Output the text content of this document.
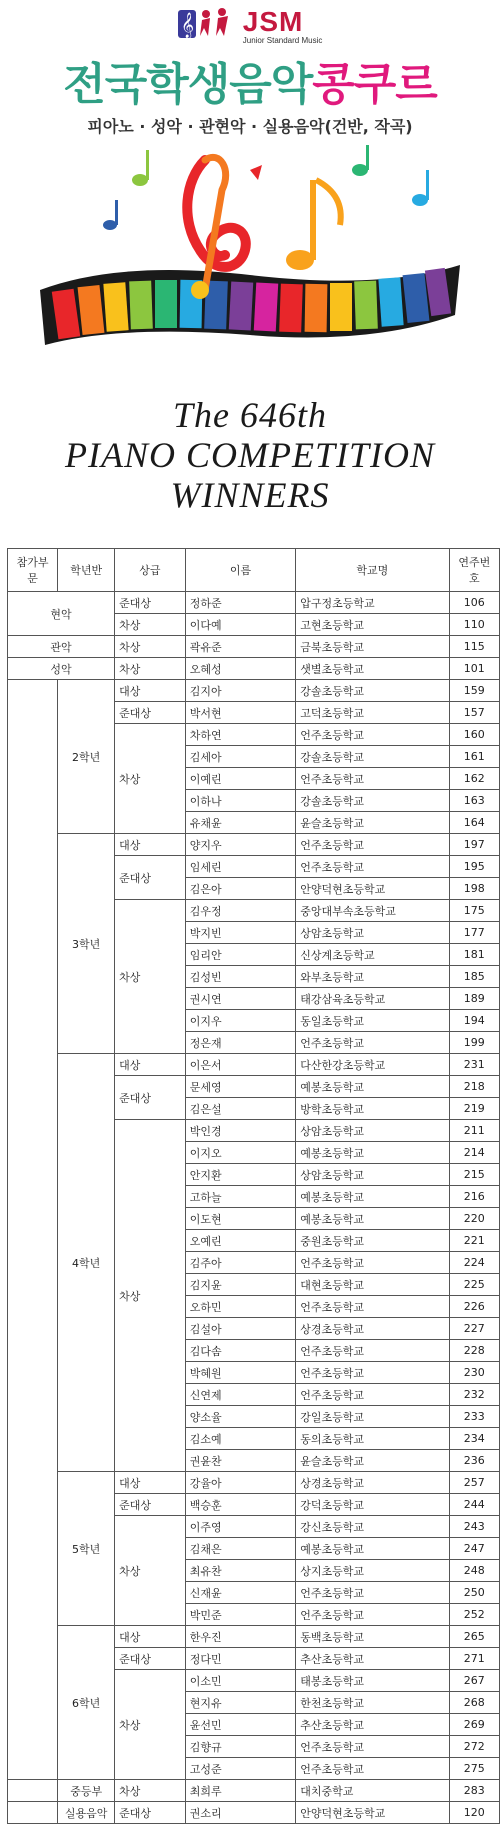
𝄞
JSM
Junior Standard Music
전국학생음악콩쿠르
피아노 · 성악 · 관현악 · 실용음악(건반, 작곡)
The 646th
PIANO COMPETITION
WINNERS
참가부문	학년반	상급	이름	학교명	연주번호
현악		준대상	정하준	압구정초등학교	106
		차상	이다예	고현초등학교	110
관악		차상	곽유준	금북초등학교	115
성악		차상	오혜성	샛별초등학교	101
	2학년	대상	김지아	강솔초등학교	159
		준대상	박서현	고덕초등학교	157
		차상	차하연	언주초등학교	160
			김세아	강솔초등학교	161
			이예린	언주초등학교	162
			이하나	강솔초등학교	163
			유채윤	윤슬초등학교	164
	3학년	대상	양지우	언주초등학교	197
		준대상	임세린	언주초등학교	195
			김은아	안양덕현초등학교	198
		차상	김우정	중앙대부속초등학교	175
			박지빈	상암초등학교	177
			임리안	신상계초등학교	181
			김성빈	와부초등학교	185
			권시연	태강삼육초등학교	189
			이지우	동일초등학교	194
			정은재	언주초등학교	199
	4학년	대상	이은서	다산한강초등학교	231
		준대상	문세영	예봉초등학교	218
			김은설	방학초등학교	219
		차상	박인경	상암초등학교	211
			이지오	예봉초등학교	214
			안지환	상암초등학교	215
			고하늘	예봉초등학교	216
			이도현	예봉초등학교	220
			오예린	중원초등학교	221
			김주아	언주초등학교	224
			김지윤	대현초등학교	225
			오하민	언주초등학교	226
			김설아	상경초등학교	227
			김다솜	언주초등학교	228
			박혜원	언주초등학교	230
			신연제	언주초등학교	232
			양소율	강일초등학교	233
			김소예	동의초등학교	234
			권윤찬	윤슬초등학교	236
	5학년	대상	강율아	상경초등학교	257
		준대상	백승훈	강덕초등학교	244
		차상	이주영	강신초등학교	243
			김채은	예봉초등학교	247
			최유찬	상지초등학교	248
			신재윤	언주초등학교	250
			박민준	언주초등학교	252
	6학년	대상	한우진	동백초등학교	265
		준대상	정다민	추산초등학교	271
		차상	이소민	태봉초등학교	267
			현지유	한천초등학교	268
			윤선민	추산초등학교	269
			김향규	언주초등학교	272
			고성준	언주초등학교	275
	중등부	차상	최희루	대치중학교	283
	실용음악	준대상	권소리	안양덕현초등학교	120
